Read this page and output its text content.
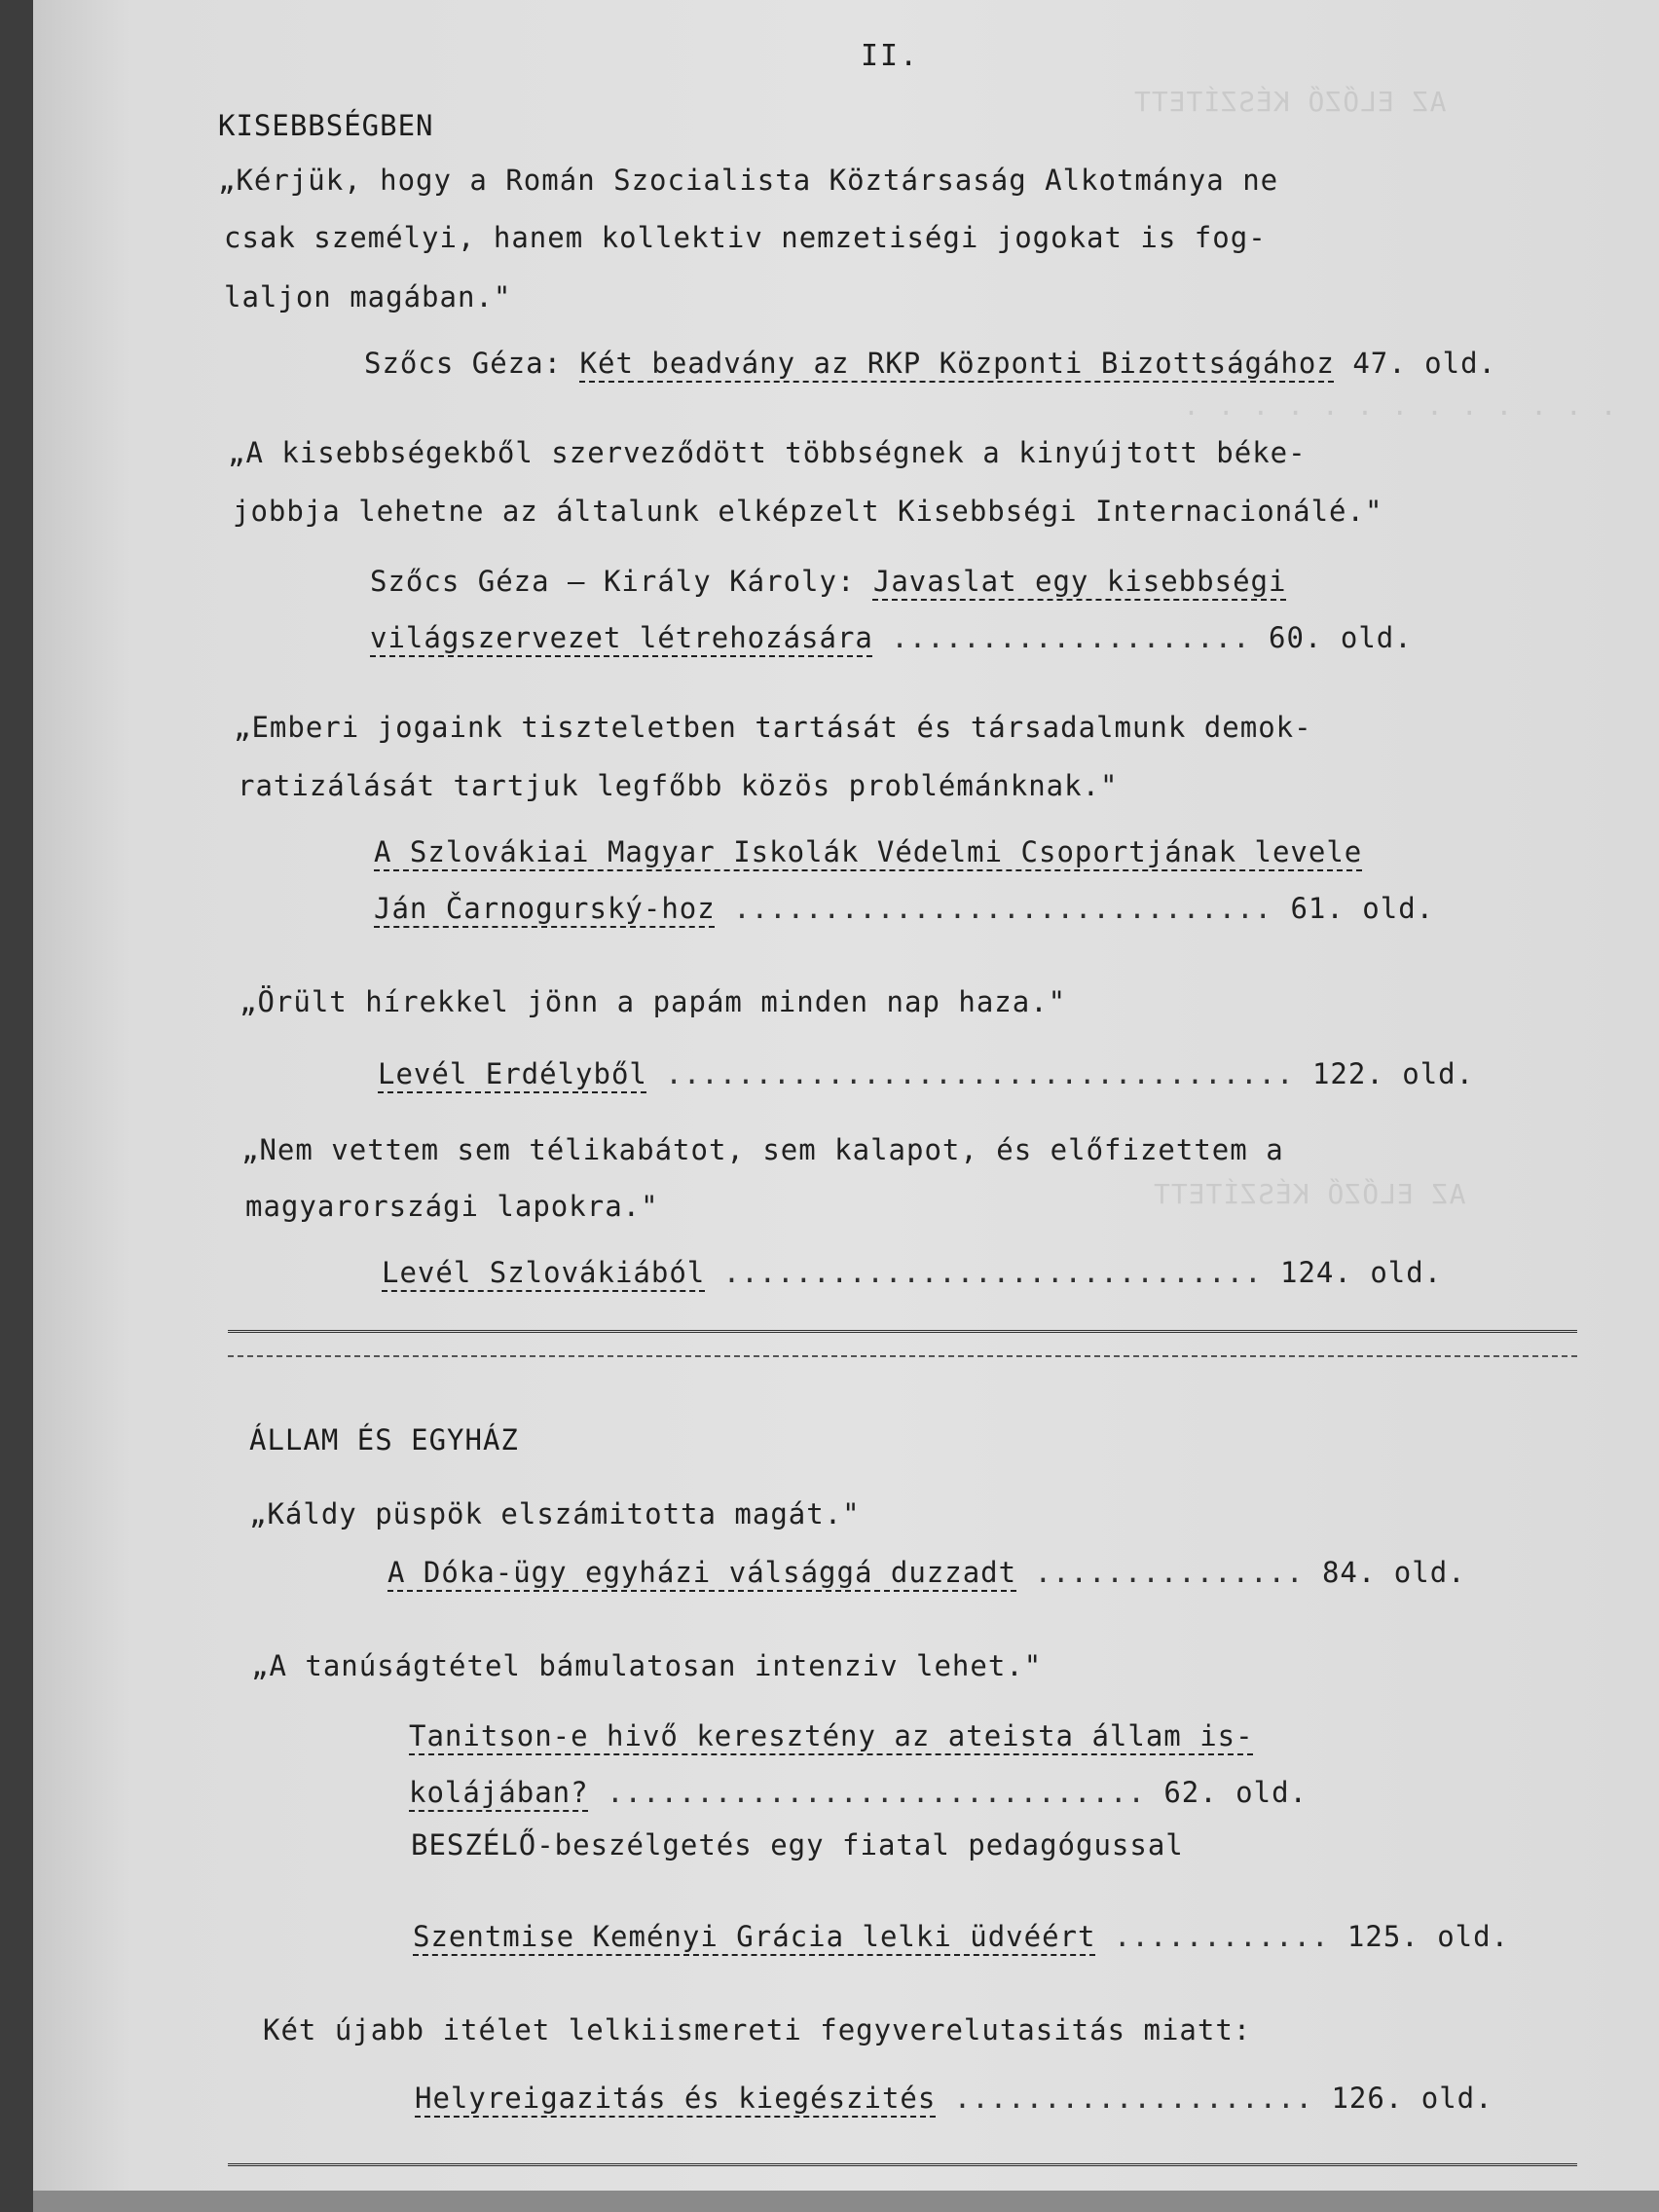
AZ ELŐZŐ KÉSZÍTETT
. . . . . . . . . . . . .
AZ ELŐZŐ KÉSZÍTETT
II.
KISEBBSÉGBEN
„Kérjük, hogy a Román Szocialista Köztársaság Alkotmánya ne
csak személyi, hanem kollektiv nemzetiségi jogokat is fog-
laljon magában."
Szőcs Géza: Két beadvány az RKP Központi Bizottságához 47. old.
„A kisebbségekből szerveződött többségnek a kinyújtott béke-
jobbja lehetne az általunk elképzelt Kisebbségi Internacionálé."
Szőcs Géza — Király Károly: Javaslat egy kisebbségi
világszervezet létrehozására .................... 60. old.
„Emberi jogaink tiszteletben tartását és társadalmunk demok-
ratizálását tartjuk legfőbb közös problémánknak."
A Szlovákiai Magyar Iskolák Védelmi Csoportjának levele
Ján Čarnogurský-hoz .............................. 61. old.
„Örült hírekkel jönn a papám minden nap haza."
Levél Erdélyből ................................... 122. old.
„Nem vettem sem télikabátot, sem kalapot, és előfizettem a
magyarországi lapokra."
Levél Szlovákiából .............................. 124. old.
ÁLLAM ÉS EGYHÁZ
„Káldy püspök elszámitotta magát."
A Dóka-ügy egyházi válsággá duzzadt ............... 84. old.
„A tanúságtétel bámulatosan intenziv lehet."
Tanitson-e hivő keresztény az ateista állam is-
kolájában? .............................. 62. old.
BESZÉLŐ-beszélgetés egy fiatal pedagógussal
Szentmise Keményi Grácia lelki üdvéért ............ 125. old.
Két újabb itélet lelkiismereti fegyverelutasitás miatt:
Helyreigazitás és kiegészités .................... 126. old.
